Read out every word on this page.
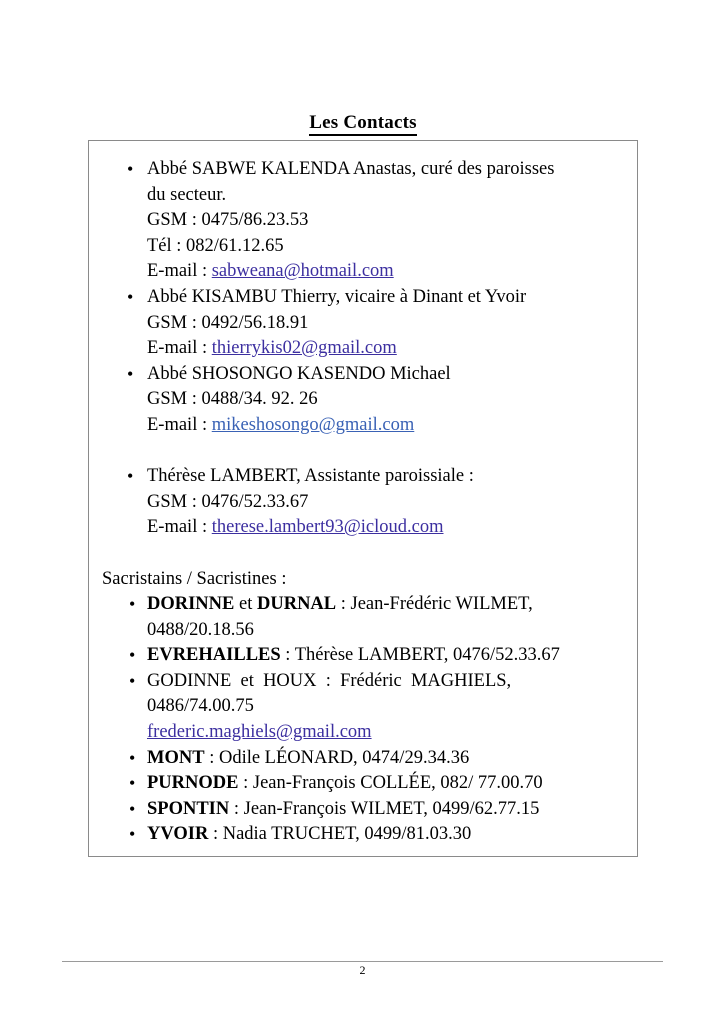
Les Contacts
• Abbé SABWE KALENDA Anastas, curé des paroisses
du secteur.
GSM : 0475/86.23.53
Tél : 082/61.12.65
E-mail : sabweana@hotmail.com
• Abbé KISAMBU Thierry, vicaire à Dinant et Yvoir
GSM : 0492/56.18.91
E-mail : thierrykis02@gmail.com
• Abbé SHOSONGO KASENDO Michael
GSM : 0488/34. 92. 26
E-mail : mikeshosongo@gmail.com
• Thérèse LAMBERT, Assistante paroissiale :
GSM : 0476/52.33.67
E-mail : therese.lambert93@icloud.com
Sacristains / Sacristines :
• DORINNE et DURNAL : Jean-Frédéric WILMET,
0488/20.18.56
• EVREHAILLES : Thérèse LAMBERT, 0476/52.33.67
• GODINNE et HOUX : Frédéric MAGHIELS, 0486/74.00.75
frederic.maghiels@gmail.com
• MONT : Odile LÉONARD, 0474/29.34.36
• PURNODE : Jean-François COLLÉE, 082/ 77.00.70
• SPONTIN : Jean-François WILMET, 0499/62.77.15
• YVOIR : Nadia TRUCHET, 0499/81.03.30
2
